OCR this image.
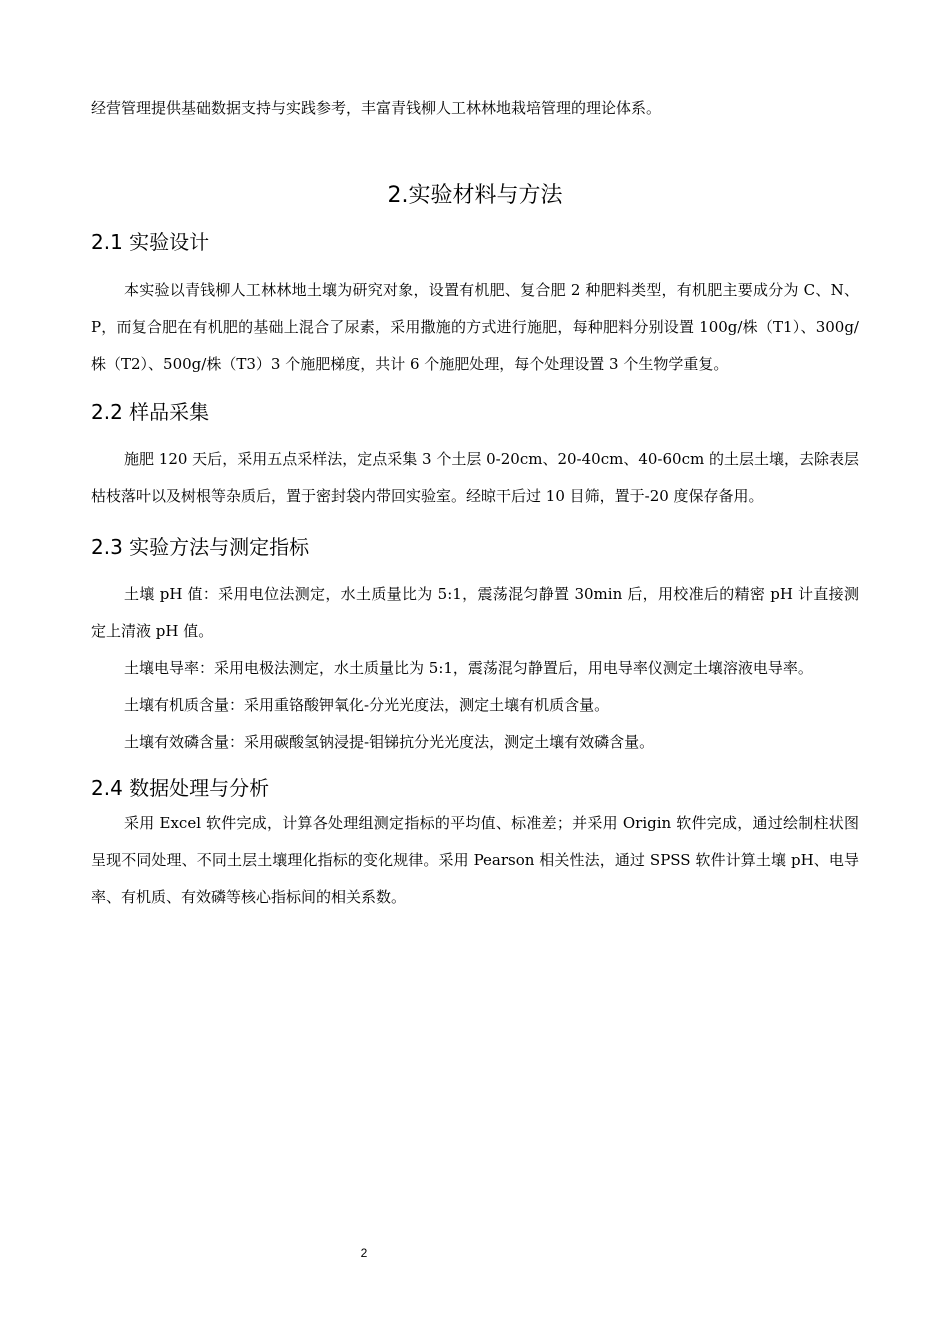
经营管理提供基础数据支持与实践参考，丰富青钱柳人工林林地栽培管理的理论体系。

2.实验材料与方法
2.1 实验设计

本实验以青钱柳人工林林地土壤为研究对象，设置有机肥、复合肥 2 种肥料类型，有机肥主要成分为 C、N、P，而复合肥在有机肥的基础上混合了尿素，采用撒施的方式进行施肥，每种肥料分别设置 100g/株（T1）、300g/株（T2）、500g/株（T3）3 个施肥梯度，共计 6 个施肥处理，每个处理设置 3 个生物学重复。

2.2 样品采集

施肥 120 天后，采用五点采样法，定点采集 3 个土层 0-20cm、20-40cm、40-60cm 的土层土壤，去除表层枯枝落叶以及树根等杂质后，置于密封袋内带回实验室。经晾干后过 10 目筛，置于-20 度保存备用。

2.3 实验方法与测定指标

土壤 pH 值：采用电位法测定，水土质量比为 5:1，震荡混匀静置 30min 后，用校准后的精密 pH 计直接测定上清液 pH 值。

土壤电导率：采用电极法测定，水土质量比为 5:1，震荡混匀静置后，用电导率仪测定土壤溶液电导率。

土壤有机质含量：采用重铬酸钾氧化-分光光度法，测定土壤有机质含量。

土壤有效磷含量：采用碳酸氢钠浸提-钼锑抗分光光度法，测定土壤有效磷含量。

2.4 数据处理与分析

采用 Excel 软件完成，计算各处理组测定指标的平均值、标准差；并采用 Origin 软件完成，通过绘制柱状图呈现不同处理、不同土层土壤理化指标的变化规律。采用 Pearson 相关性法，通过 SPSS 软件计算土壤 pH、电导率、有机质、有效磷等核心指标间的相关系数。

2
